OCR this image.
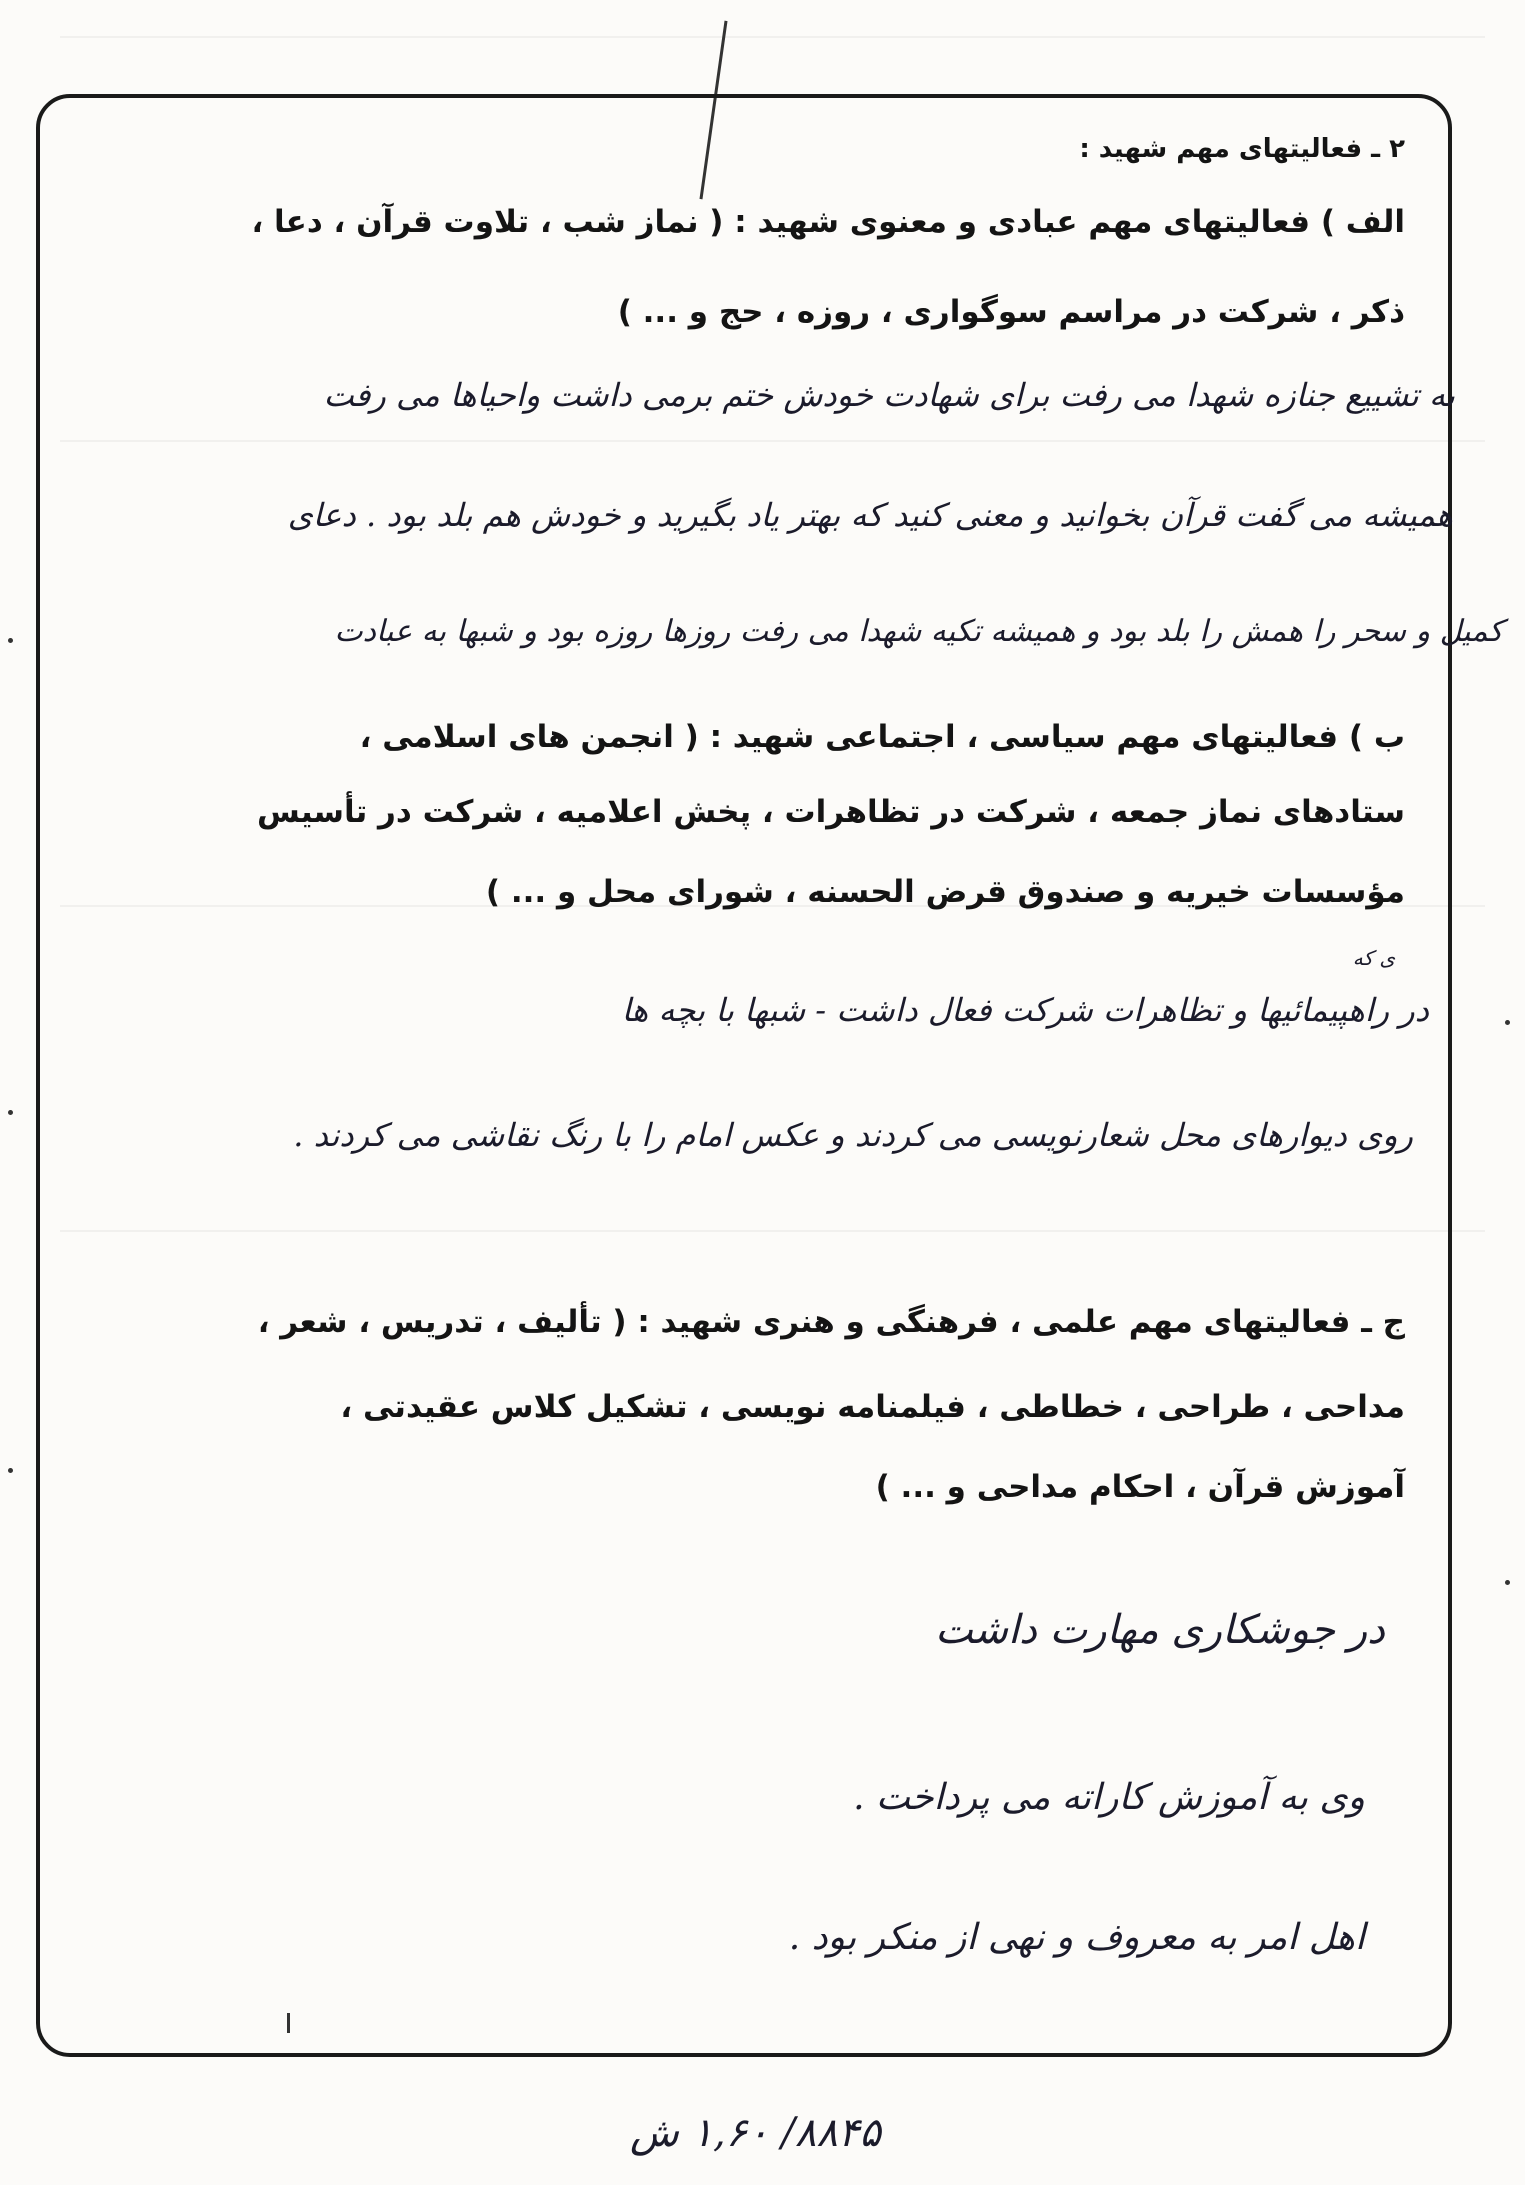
۲ ـ فعالیتهای مهم شهید :
الف ) فعالیتهای مهم عبادی و معنوی شهید : ( نماز شب ، تلاوت قرآن ، دعا ،
ذکر ، شرکت در مراسم سوگواری ، روزه ، حج و ... )
به تشییع جنازه شهدا می رفت برای شهادت خودش ختم برمی داشت واحیاها می رفت
همیشه می گفت قرآن بخوانید و معنی کنید که بهتر یاد بگیرید و خودش هم بلد بود . دعای
کمیل و سحر را همش را بلد بود و همیشه تکیه شهدا می رفت روزها روزه بود و شبها به عبادت
ب ) فعالیتهای مهم سیاسی ، اجتماعی شهید : ( انجمن های اسلامی ،
ستادهای نماز جمعه ، شرکت در تظاهرات ، پخش اعلامیه ، شرکت در تأسیس
مؤسسات خیریه و صندوق قرض الحسنه ، شورای محل و ... )
ی که
در راهپیمائیها و تظاهرات شرکت فعال داشت - شبها با بچه ها
روی دیوارهای محل شعارنویسی می کردند و عکس امام را با رنگ نقاشی می کردند .
ج ـ فعالیتهای مهم علمی ، فرهنگی و هنری شهید : ( تألیف ، تدریس ، شعر ،
مداحی ، طراحی ، خطاطی ، فیلمنامه نویسی ، تشکیل کلاس عقیدتی ،
آموزش قرآن ، احکام مداحی و ... )
در جوشکاری مهارت داشت
وی به آموزش کاراته می پرداخت .
اهل امر به معروف و نهی از منکر بود .
۸۸۴۵/ ۱,۶۰ ش
